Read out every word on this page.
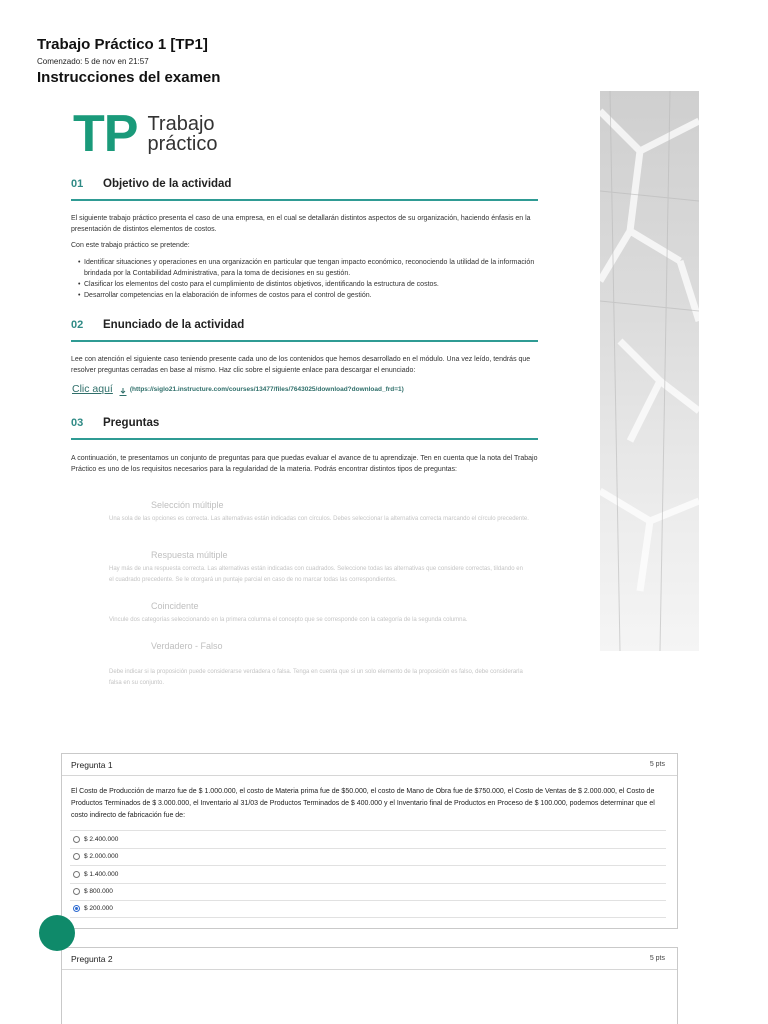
Trabajo Práctico 1 [TP1]
Comenzado: 5 de nov en 21:57
Instrucciones del examen
TP Trabajo
práctico
01	Objetivo de la actividad
El siguiente trabajo práctico presenta el caso de una empresa, en el cual se detallarán distintos aspectos de su organización, haciendo énfasis en la presentación de distintos elementos de costos.
Con este trabajo práctico se pretende:
• Identificar situaciones y operaciones en una organización en particular que tengan impacto económico, reconociendo la utilidad de la información brindada por la Contabilidad Administrativa, para la toma de decisiones en su gestión.
• Clasificar los elementos del costo para el cumplimiento de distintos objetivos, identificando la estructura de costos.
• Desarrollar competencias en la elaboración de informes de costos para el control de gestión.
02	Enunciado de la actividad
Lee con atención el siguiente caso teniendo presente cada uno de los contenidos que hemos desarrollado en el módulo. Una vez leído, tendrás que resolver preguntas cerradas en base al mismo. Haz clic sobre el siguiente enlace para descargar el enunciado:
Clic aquí	(https://siglo21.instructure.com/courses/13477/files/7643025/download?download_frd=1)
03	Preguntas
A continuación, te presentamos un conjunto de preguntas para que puedas evaluar el avance de tu aprendizaje. Ten en cuenta que la nota del Trabajo Práctico es uno de los requisitos necesarios para la regularidad de la materia. Podrás encontrar distintos tipos de preguntas:
Selección múltiple
Una sola de las opciones es correcta. Las alternativas están indicadas con círculos. Debes seleccionar la alternativa correcta marcando el círculo precedente.
Respuesta múltiple
Hay más de una respuesta correcta. Las alternativas están indicadas con cuadrados. Seleccione todas las alternativas que considere correctas, tildando en el cuadrado precedente. Se le otorgará un puntaje parcial en caso de no marcar todas las correspondientes.
Coincidente
Vincule dos categorías seleccionando en la primera columna el concepto que se corresponde con la categoría de la segunda columna.
Verdadero - Falso
Debe indicar si la proposición puede considerarse verdadera o falsa. Tenga en cuenta que si un solo elemento de la proposición es falso, debe considerarla falsa en su conjunto.
Pregunta 1	5 pts
El Costo de Producción de marzo fue de $ 1.000.000, el costo de Materia prima fue de $50.000, el costo de Mano de Obra fue de $750.000, el Costo de Ventas de $ 2.000.000, el Costo de Productos Terminados de $ 3.000.000, el Inventario al 31/03 de Productos Terminados de $ 400.000 y el Inventario final de Productos en Proceso de $ 100.000, podemos determinar que el costo indirecto de fabricación fue de:
$ 2.400.000
$ 2.000.000
$ 1.400.000
$ 800.000
$ 200.000
Pregunta 2	5 pts
